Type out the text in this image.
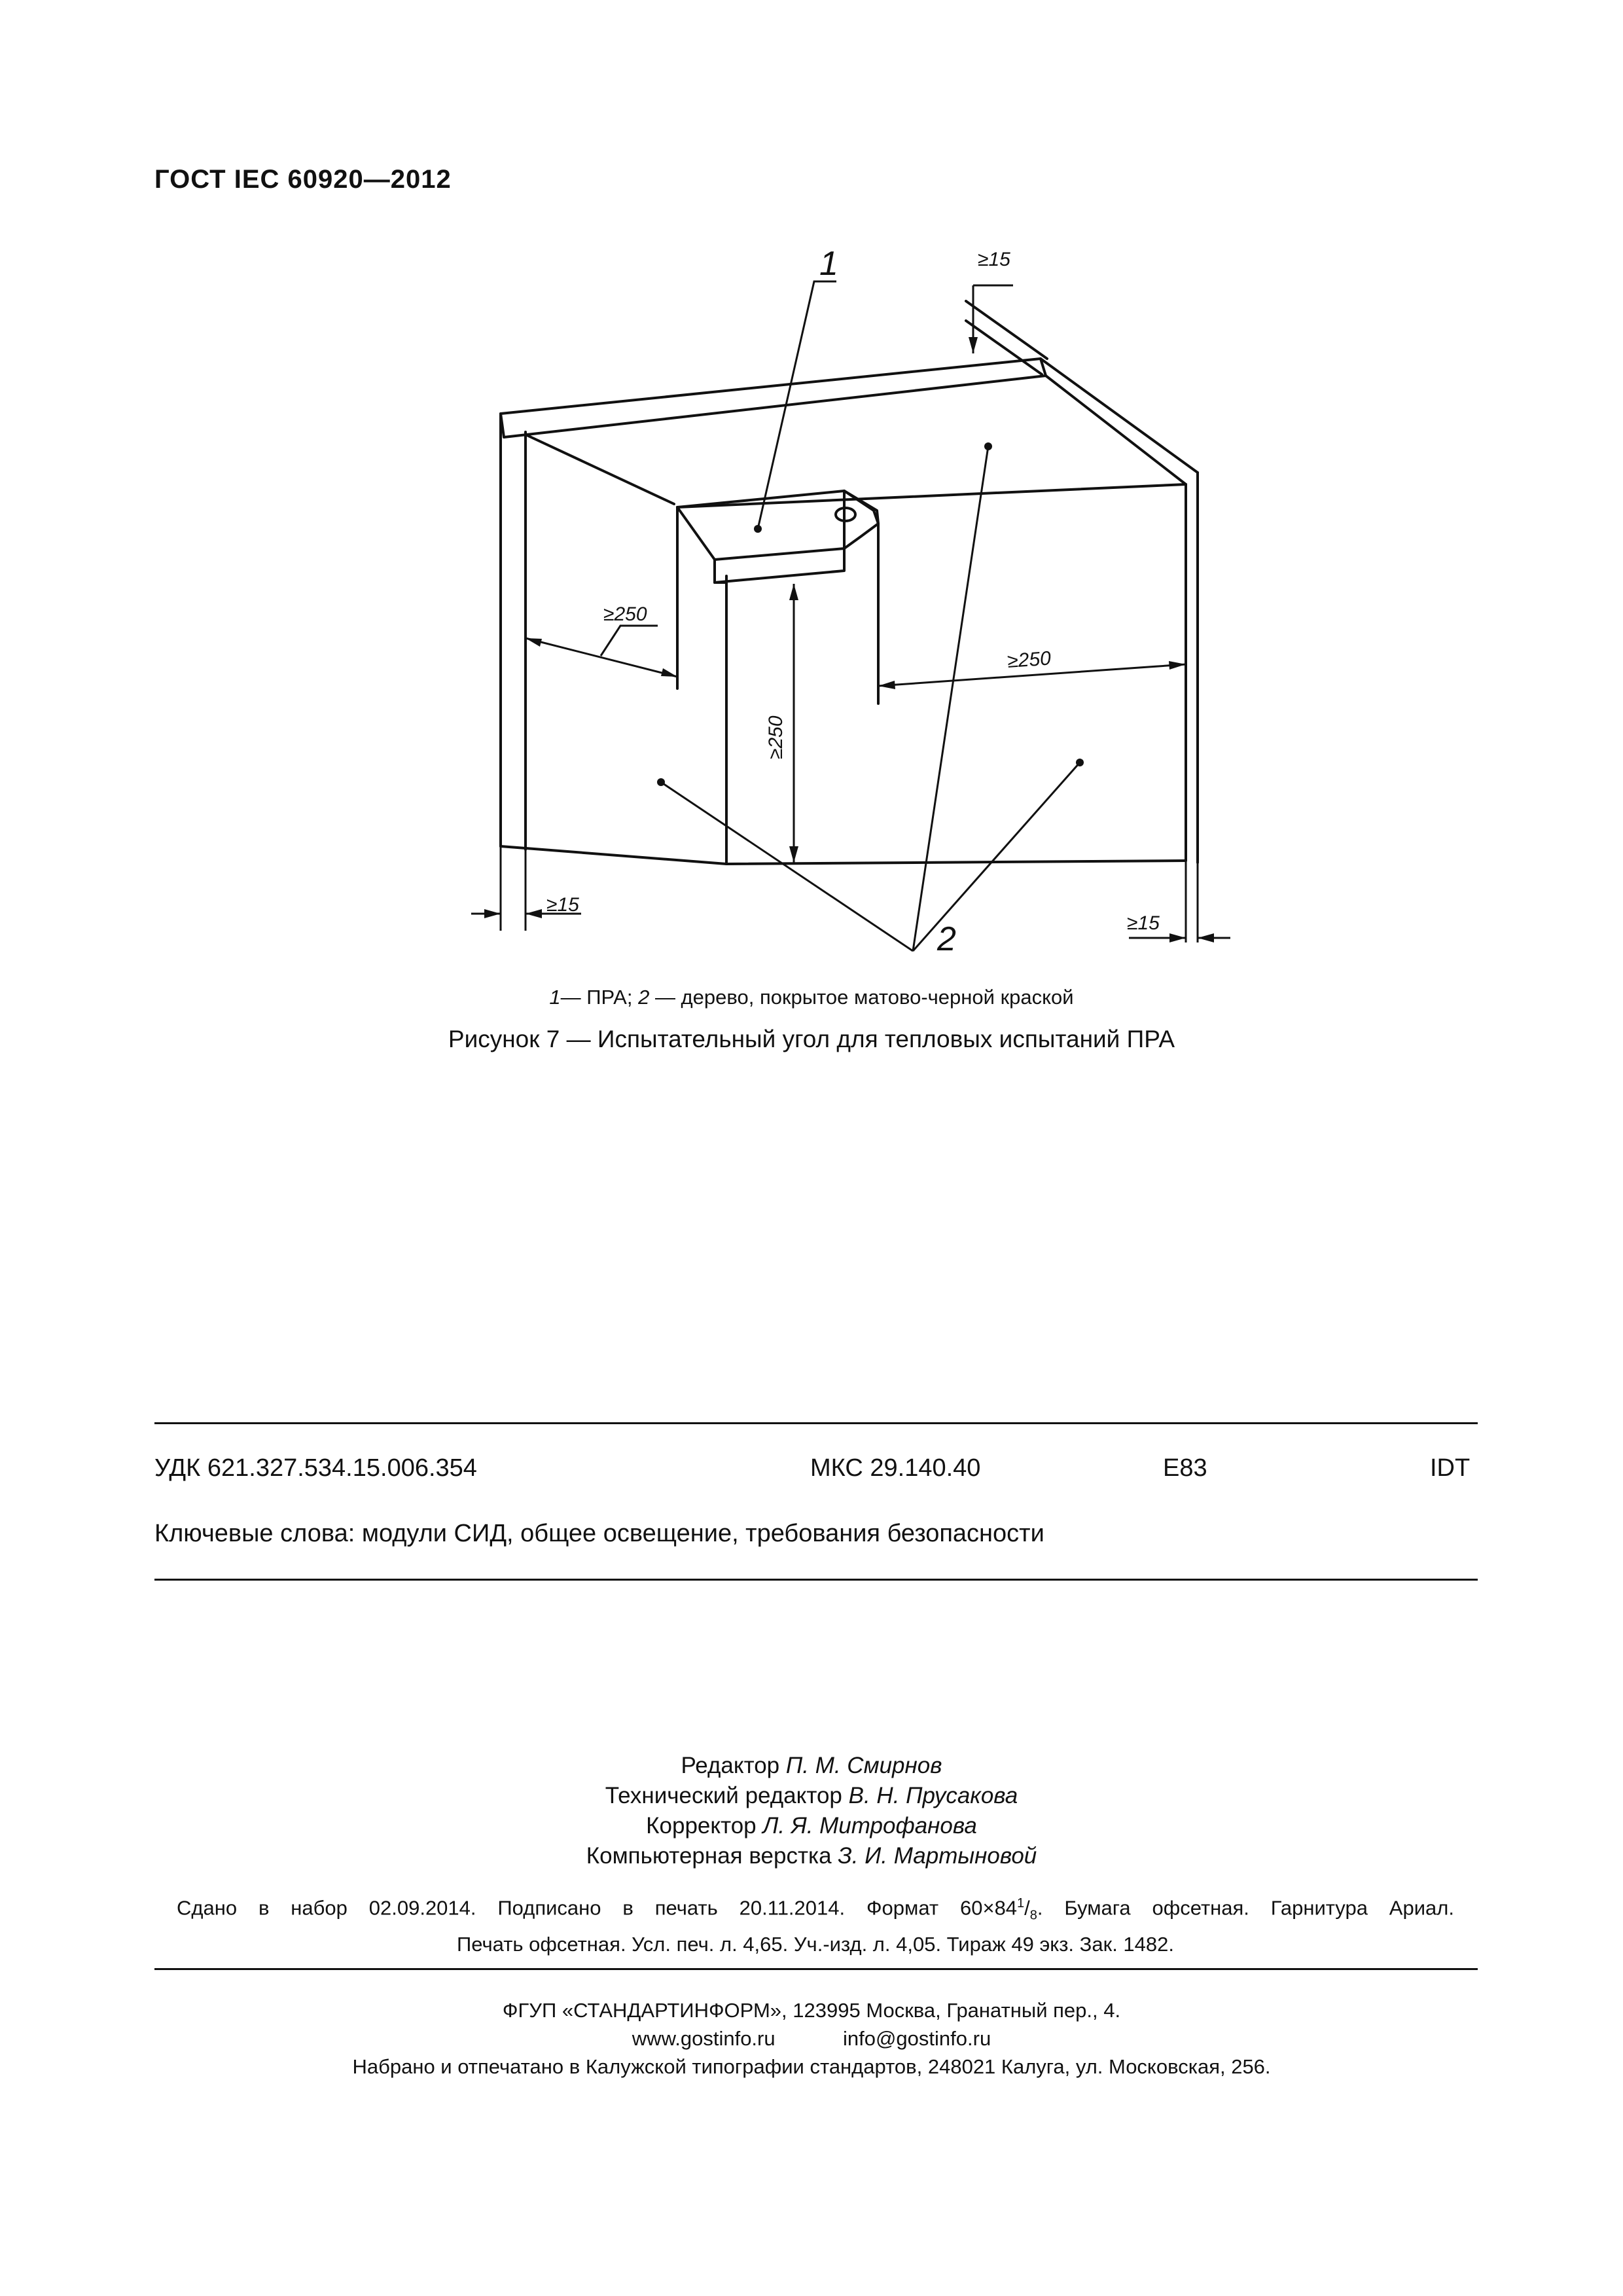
ГОСТ IEC 60920—2012
1	≥15
≥250
≥250
≥250
≥15
≥15
2
1— ПРА; 2 — дерево, покрытое матово-черной краской
Рисунок 7 — Испытательный угол для тепловых испытаний ПРА
УДК 621.327.534.15.006.354	МКС 29.140.40	E83	IDT
Ключевые слова: модули СИД, общее освещение, требования безопасности
Редактор П. М. Смирнов
Технический редактор В. Н. Прусакова
Корректор Л. Я. Митрофанова
Компьютерная верстка З. И. Мартыновой
Сдано в набор 02.09.2014. Подписано в печать 20.11.2014. Формат $60\times 84^1/_8$. Бумага офсетная. Гарнитура Ариал.
Печать офсетная. Усл. печ. л. 4,65. Уч.-изд. л. 4,05. Тираж 49 экз. Зак. 1482.
ФГУП «СТАНДАРТИНФОРМ», 123995 Москва, Гранатный пер., 4.
www.gostinfo.ru	info@gostinfo.ru
Набрано и отпечатано в Калужской типографии стандартов, 248021 Калуга, ул. Московская, 256.
